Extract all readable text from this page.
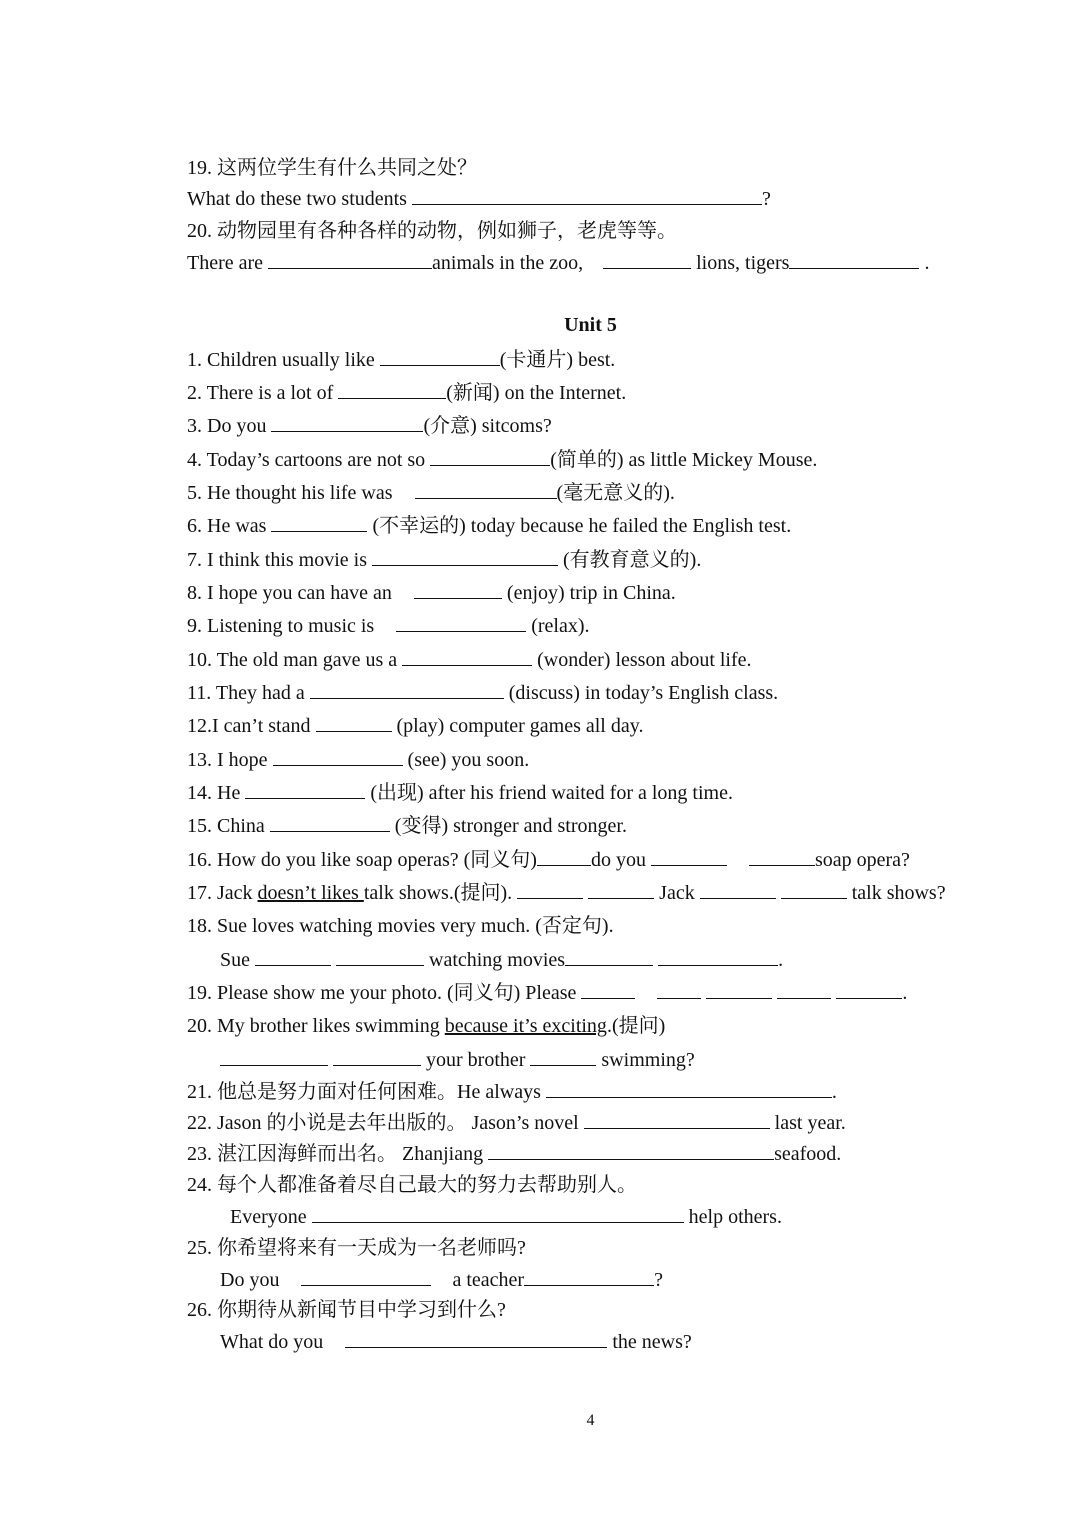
19. 这两位学生有什么共同之处？
What do these two students	?
20. 动物园里有各种各样的动物，例如狮子，老虎等等。
There are	animals in the zoo,	lions, tigers	.
Unit 5
1. Children usually like	(卡通片) best.
2. There is a lot of	(新闻) on the Internet.
3. Do you	(介意) sitcoms?
4. Today’s cartoons are not so	(简单的) as little Mickey Mouse.
5. He thought his life was	(毫无意义的).
6. He was	(不幸运的) today because he failed the English test.
7. I think this movie is	(有教育意义的).
8. I hope you can have an	(enjoy) trip in China.
9. Listening to music is	(relax).
10. The old man gave us a	(wonder) lesson about life.
11. They had a	(discuss) in today’s English class.
12.I can’t stand	(play) computer games all day.
13. I hope	(see) you soon.
14. He	(出现) after his friend waited for a long time.
15. China	(变得) stronger and stronger.
16. How do you like soap operas? (同义句)	do you	soap opera?
17. Jack doesn’t likes talk shows.(提问).	Jack	talk shows?
18. Sue loves watching movies very much. (否定句).
Sue	watching movies	.
19. Please show me your photo. (同义句) Please	.
20. My brother likes swimming because it’s exciting.(提问)
your brother	swimming?
21. 他总是努力面对任何困难。He always	.
22. Jason 的小说是去年出版的。 Jason’s novel	last year.
23. 湛江因海鲜而出名。 Zhanjiang	seafood.
24. 每个人都准备着尽自己最大的努力去帮助别人。
Everyone	help others.
25. 你希望将来有一天成为一名老师吗?
Do you	a teacher	?
26. 你期待从新闻节目中学习到什么?
What do you	the news?
4
